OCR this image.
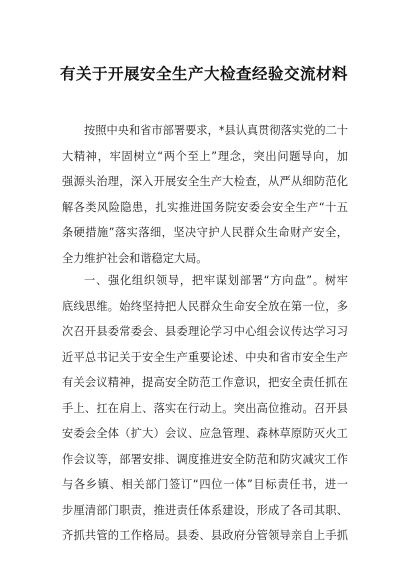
有关于开展安全生产大检查经验交流材料
按照中央和省市部署要求，*县认真贯彻落实党的二十
大精神，牢固树立“两个至上”理念，突出问题导向，加
强源头治理，深入开展安全生产大检查，从严从细防范化
解各类风险隐患，扎实推进国务院安委会安全生产“十五
条硬措施”落实落细，坚决守护人民群众生命财产安全，
全力维护社会和谐稳定大局。
一、强化组织领导，把牢谋划部署“方向盘”。树牢
底线思维。始终坚持把人民群众生命安全放在第一位，多
次召开县委常委会、县委理论学习中心组会议传达学习习
近平总书记关于安全生产重要论述、中央和省市安全生产
有关会议精神，提高安全防范工作意识，把安全责任抓在
手上、扛在肩上、落实在行动上。突出高位推动。召开县
安委会全体（扩大）会议、应急管理、森林草原防灭火工
作会议等，部署安排、调度推进安全防范和防灾减灾工作
与各乡镇、相关部门签订“四位一体”目标责任书，进一
步厘清部门职责，推进责任体系建设，形成了各司其职、
齐抓共管的工作格局。县委、县政府分管领导亲自上手抓
